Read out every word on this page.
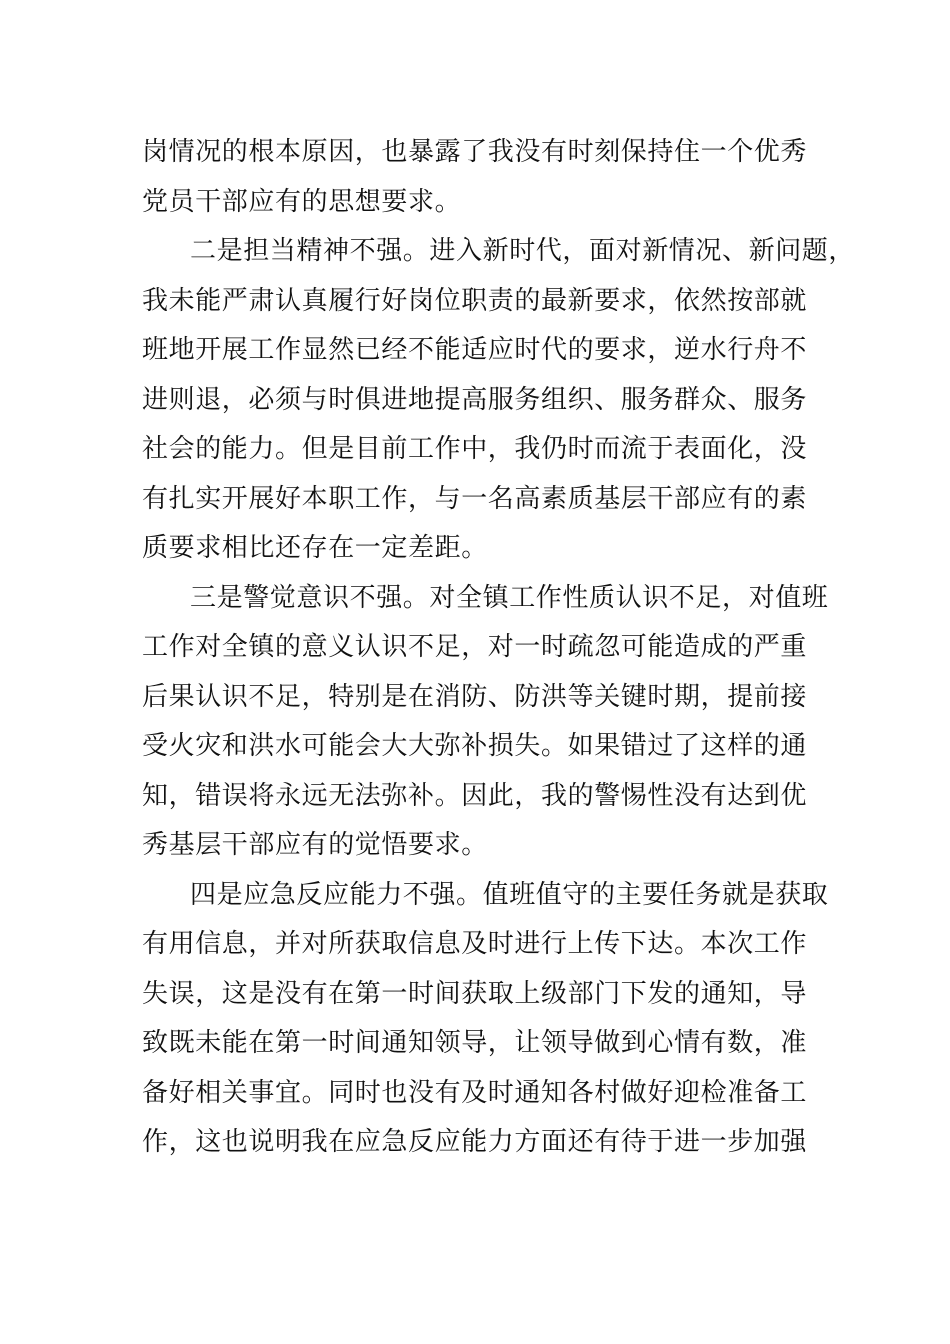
岗情况的根本原因，也暴露了我没有时刻保持住一个优秀
党员干部应有的思想要求。
二是担当精神不强。进入新时代，面对新情况、新问题，
我未能严肃认真履行好岗位职责的最新要求，依然按部就
班地开展工作显然已经不能适应时代的要求，逆水行舟不
进则退，必须与时俱进地提高服务组织、服务群众、服务
社会的能力。但是目前工作中，我仍时而流于表面化，没
有扎实开展好本职工作，与一名高素质基层干部应有的素
质要求相比还存在一定差距。
三是警觉意识不强。对全镇工作性质认识不足，对值班
工作对全镇的意义认识不足，对一时疏忽可能造成的严重
后果认识不足，特别是在消防、防洪等关键时期，提前接
受火灾和洪水可能会大大弥补损失。如果错过了这样的通
知，错误将永远无法弥补。因此，我的警惕性没有达到优
秀基层干部应有的觉悟要求。
四是应急反应能力不强。值班值守的主要任务就是获取
有用信息，并对所获取信息及时进行上传下达。本次工作
失误，这是没有在第一时间获取上级部门下发的通知，导
致既未能在第一时间通知领导，让领导做到心情有数，准
备好相关事宜。同时也没有及时通知各村做好迎检准备工
作，这也说明我在应急反应能力方面还有待于进一步加强
